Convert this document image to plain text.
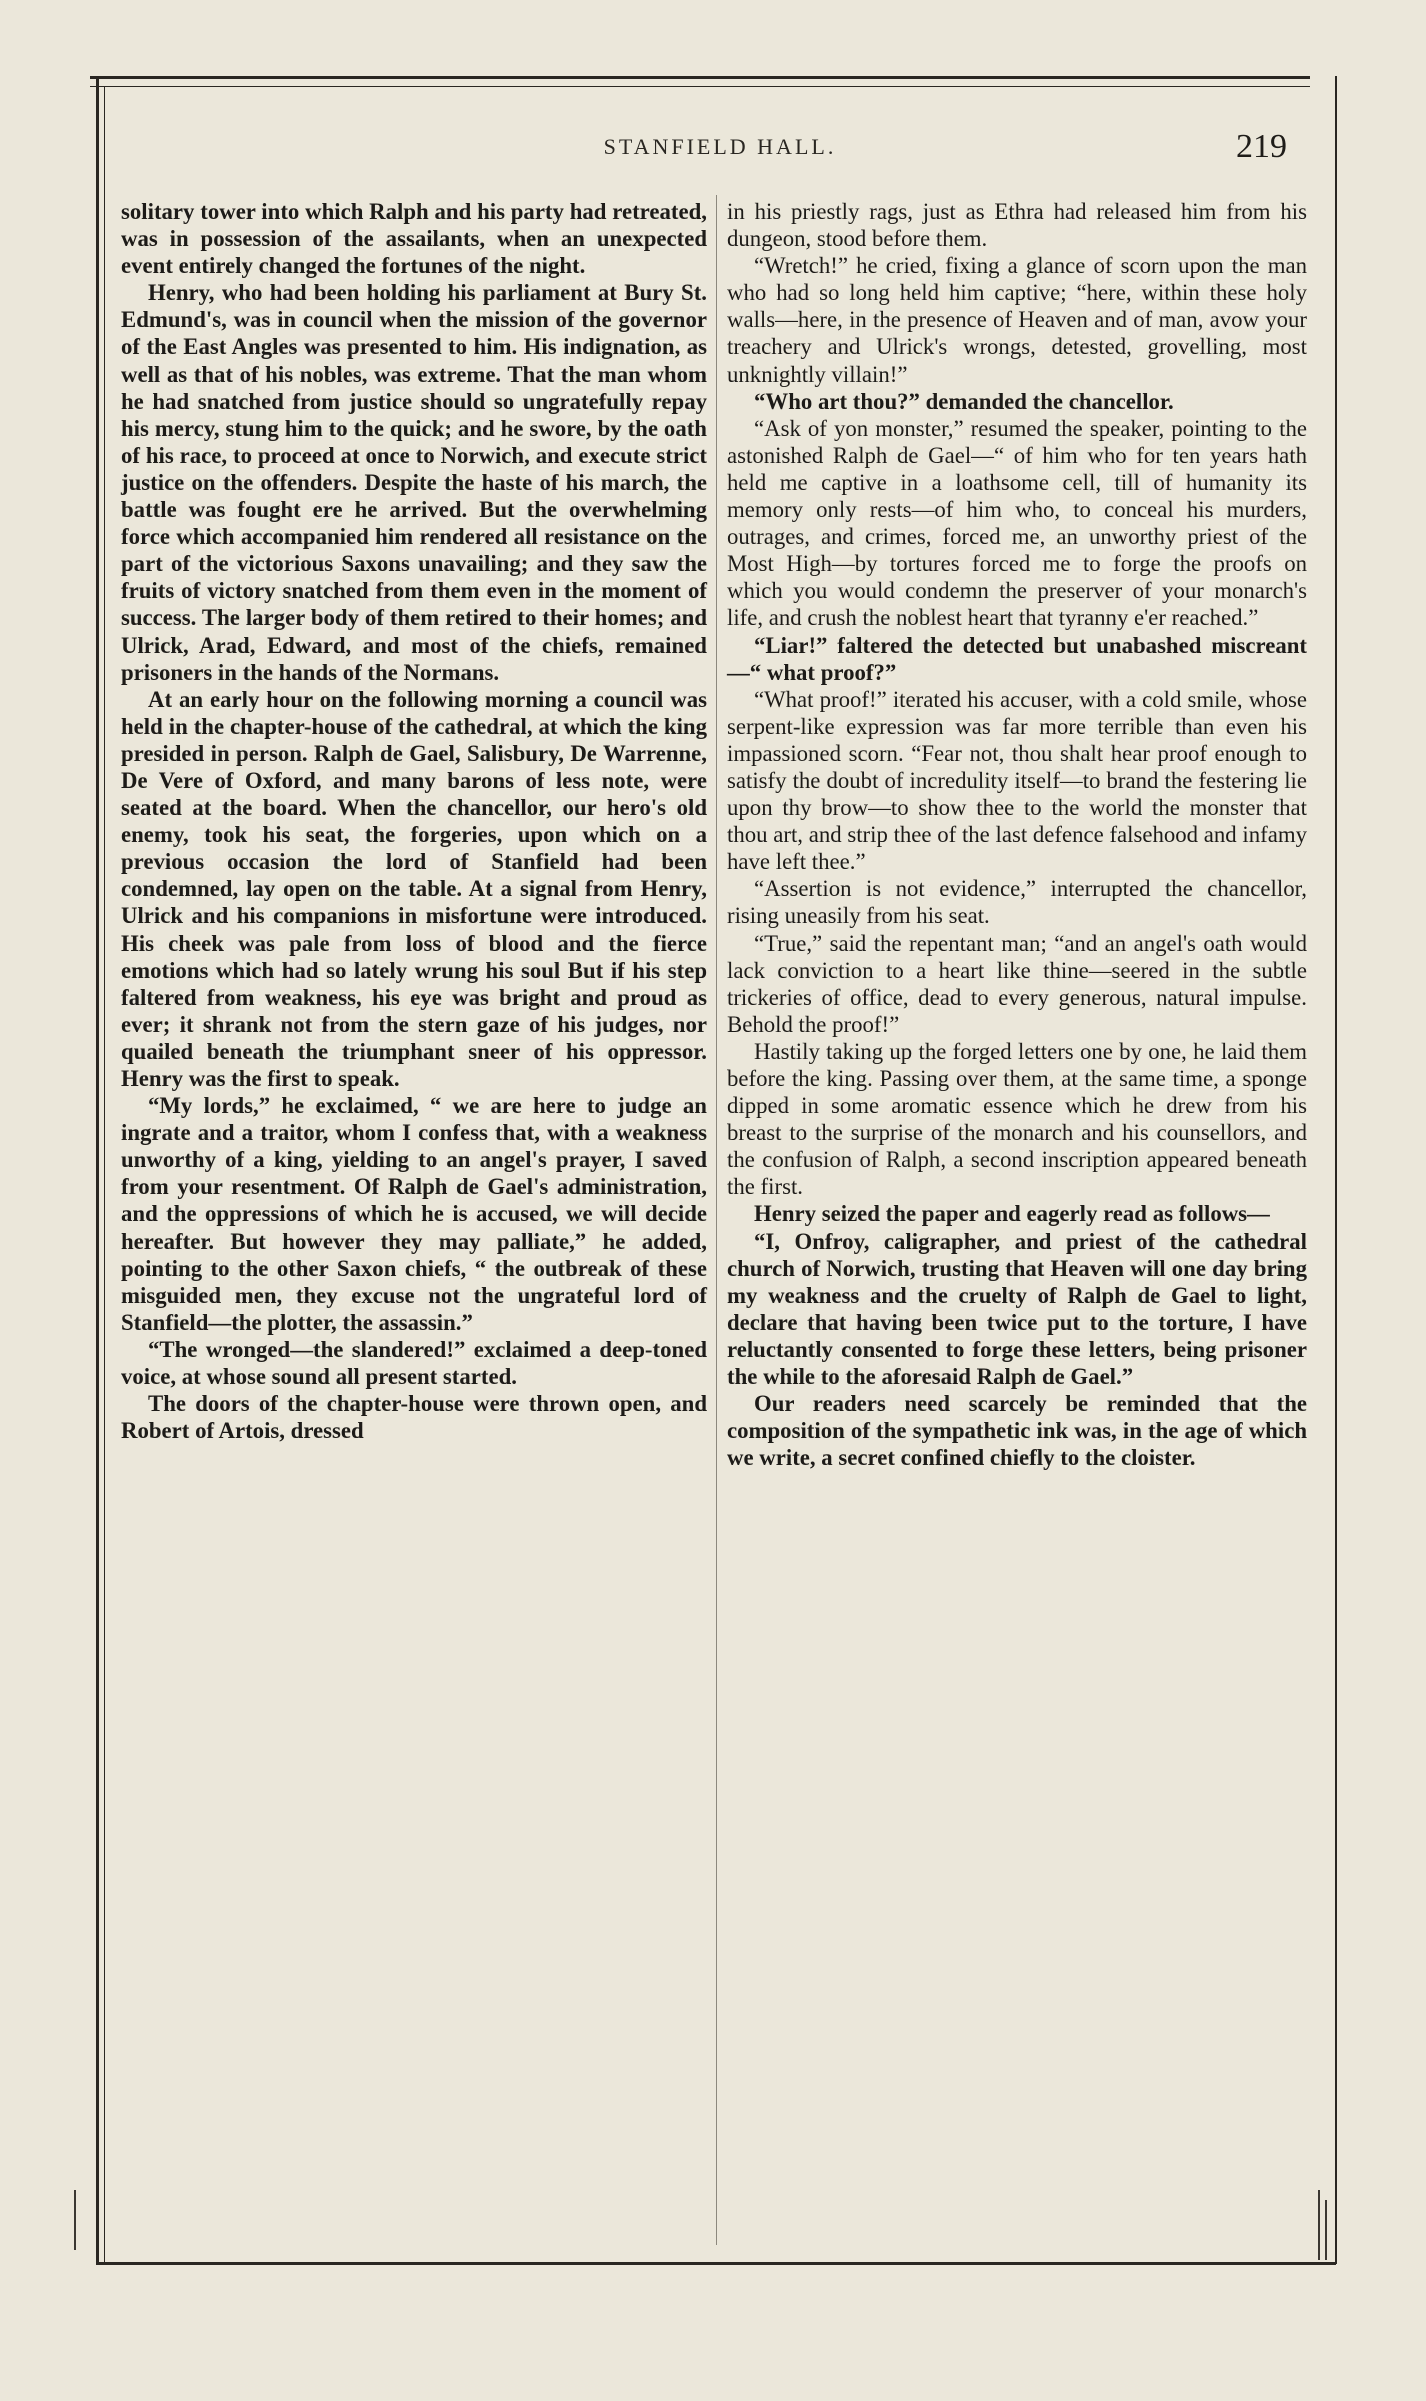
STANFIELD HALL.	219

solitary tower into which Ralph and his party had retreated, was in possession of the assailants, when an unexpected event entirely changed the fortunes of the night.

Henry, who had been holding his parliament at Bury St. Edmund's, was in council when the mission of the governor of the East Angles was presented to him. His indignation, as well as that of his nobles, was extreme. That the man whom he had snatched from justice should so ungratefully repay his mercy, stung him to the quick; and he swore, by the oath of his race, to proceed at once to Norwich, and execute strict justice on the offenders. Despite the haste of his march, the battle was fought ere he arrived. But the overwhelming force which accompanied him rendered all resistance on the part of the victorious Saxons unavailing; and they saw the fruits of victory snatched from them even in the moment of success. The larger body of them retired to their homes; and Ulrick, Arad, Edward, and most of the chiefs, remained prisoners in the hands of the Normans.

At an early hour on the following morning a council was held in the chapter-house of the cathedral, at which the king presided in person. Ralph de Gael, Salisbury, De Warrenne, De Vere of Oxford, and many barons of less note, were seated at the board. When the chancellor, our hero's old enemy, took his seat, the forgeries, upon which on a previous occasion the lord of Stanfield had been condemned, lay open on the table. At a signal from Henry, Ulrick and his companions in misfortune were introduced. His cheek was pale from loss of blood and the fierce emotions which had so lately wrung his soul But if his step faltered from weakness, his eye was bright and proud as ever; it shrank not from the stern gaze of his judges, nor quailed beneath the triumphant sneer of his oppressor. Henry was the first to speak.

“My lords,” he exclaimed, “ we are here to judge an ingrate and a traitor, whom I confess that, with a weakness unworthy of a king, yielding to an angel's prayer, I saved from your resentment. Of Ralph de Gael's administration, and the oppressions of which he is accused, we will decide hereafter. But however they may palliate,” he added, pointing to the other Saxon chiefs, “ the outbreak of these misguided men, they excuse not the ungrateful lord of Stanfield—the plotter, the assassin.”

“The wronged—the slandered!” exclaimed a deep-toned voice, at whose sound all present started.

The doors of the chapter-house were thrown open, and Robert of Artois, dressed

in his priestly rags, just as Ethra had released him from his dungeon, stood before them.

“Wretch!” he cried, fixing a glance of scorn upon the man who had so long held him captive; “here, within these holy walls—here, in the presence of Heaven and of man, avow your treachery and Ulrick's wrongs, detested, grovelling, most unknightly villain!”

“Who art thou?” demanded the chancellor.

“Ask of yon monster,” resumed the speaker, pointing to the astonished Ralph de Gael—“ of him who for ten years hath held me captive in a loathsome cell, till of humanity its memory only rests—of him who, to conceal his murders, outrages, and crimes, forced me, an unworthy priest of the Most High—by tortures forced me to forge the proofs on which you would condemn the preserver of your monarch's life, and crush the noblest heart that tyranny e'er reached.”

“Liar!” faltered the detected but unabashed miscreant—“ what proof?”

“What proof!” iterated his accuser, with a cold smile, whose serpent-like expression was far more terrible than even his impassioned scorn. “Fear not, thou shalt hear proof enough to satisfy the doubt of incredulity itself—to brand the festering lie upon thy brow—to show thee to the world the monster that thou art, and strip thee of the last defence falsehood and infamy have left thee.”

“Assertion is not evidence,” interrupted the chancellor, rising uneasily from his seat.

“True,” said the repentant man; “and an angel's oath would lack conviction to a heart like thine—seered in the subtle trickeries of office, dead to every generous, natural impulse. Behold the proof!”

Hastily taking up the forged letters one by one, he laid them before the king. Passing over them, at the same time, a sponge dipped in some aromatic essence which he drew from his breast to the surprise of the monarch and his counsellors, and the confusion of Ralph, a second inscription appeared beneath the first.

Henry seized the paper and eagerly read as follows—

“I, Onfroy, caligrapher, and priest of the cathedral church of Norwich, trusting that Heaven will one day bring my weakness and the cruelty of Ralph de Gael to light, declare that having been twice put to the torture, I have reluctantly consented to forge these letters, being prisoner the while to the aforesaid Ralph de Gael.”

Our readers need scarcely be reminded that the composition of the sympathetic ink was, in the age of which we write, a secret confined chiefly to the cloister.
